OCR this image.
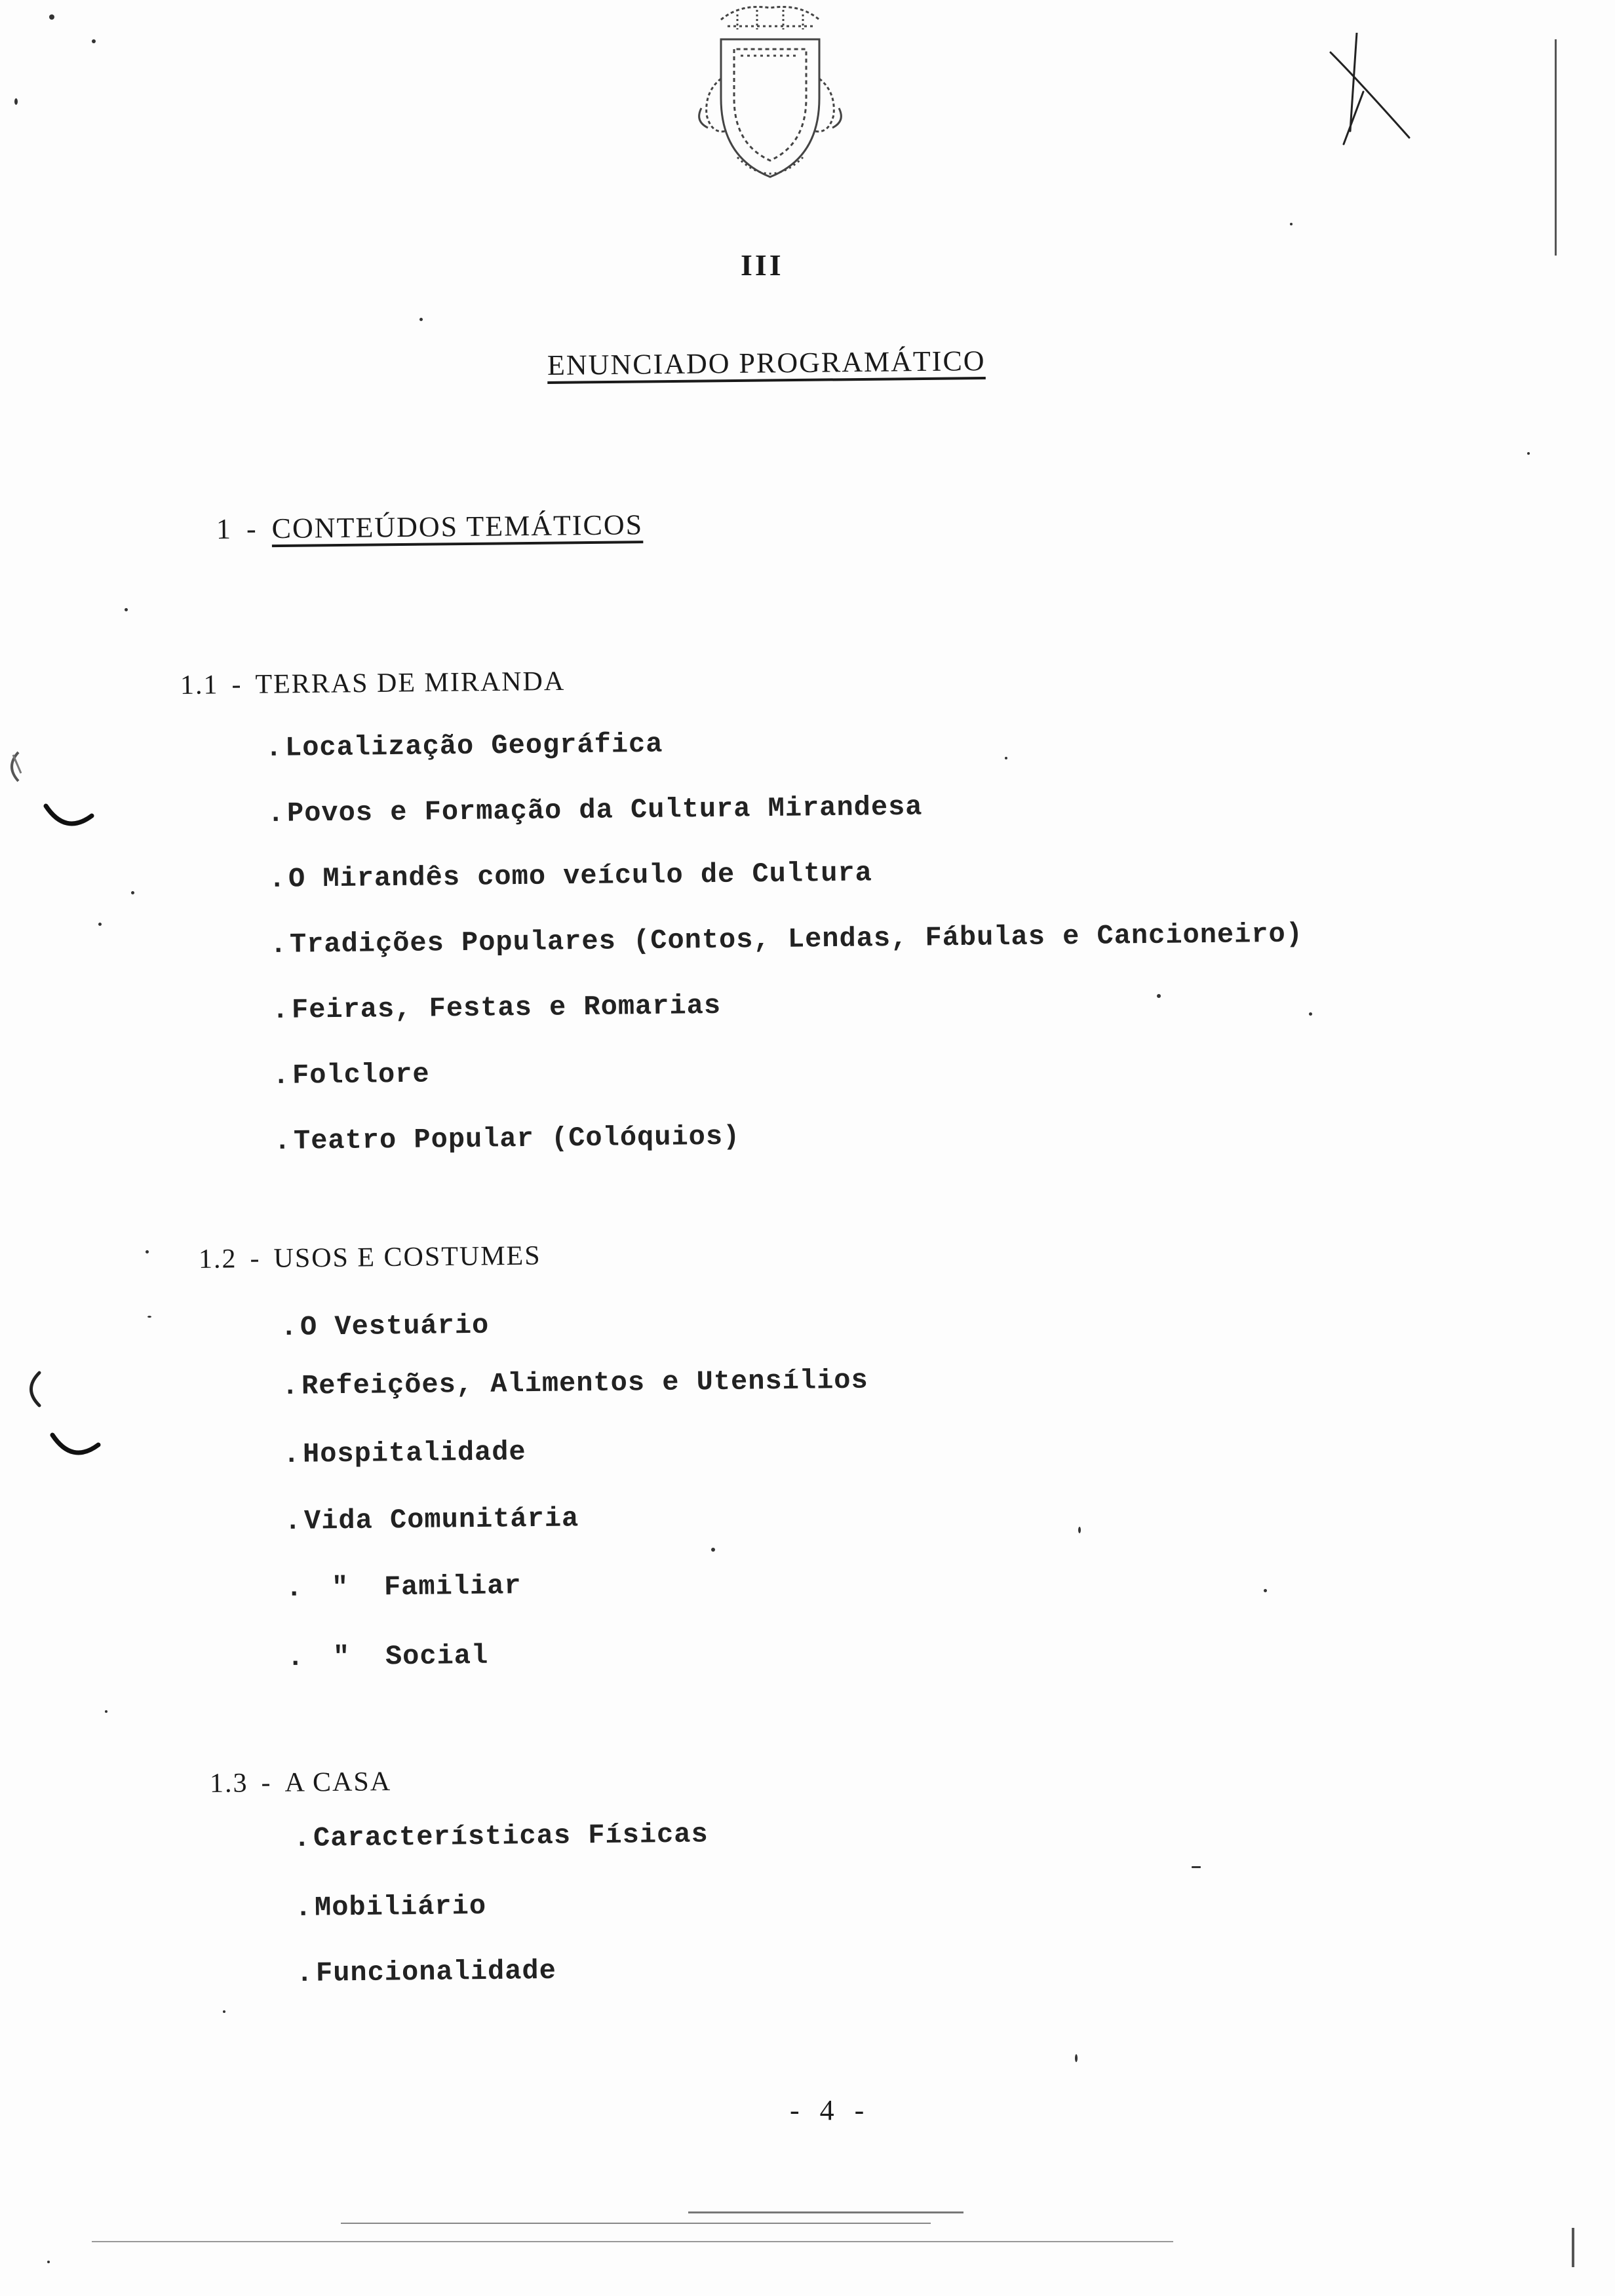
III
ENUNCIADO PROGRAMÁTICO
1 - CONTEÚDOS TEMÁTICOS
1.1 - TERRAS DE MIRANDA
.Localização Geográfica
.Povos e Formação da Cultura Mirandesa
.O Mirandês como veículo de Cultura
.Tradições Populares (Contos, Lendas, Fábulas e Cancioneiro)
.Feiras, Festas e Romarias
.Folclore
.Teatro Popular (Colóquios)
1.2 - USOS E COSTUMES
.O Vestuário
.Refeições, Alimentos e Utensílios
.Hospitalidade
.Vida Comunitária
. " Familiar
. " Social
1.3 - A CASA
.Características Físicas
.Mobiliário
.Funcionalidade
- 4 -
